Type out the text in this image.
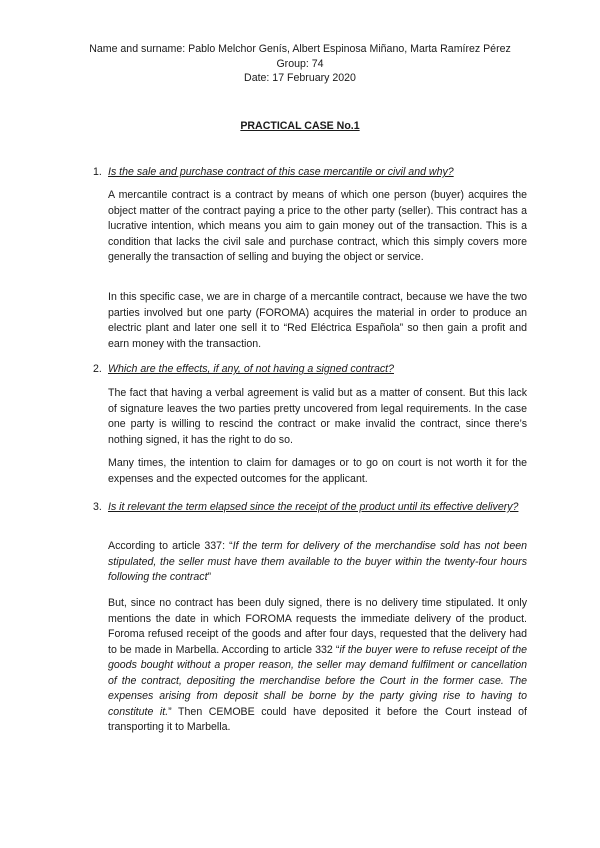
Name and surname: Pablo Melchor Genís, Albert Espinosa Miñano, Marta Ramírez Pérez
Group: 74
Date: 17 February 2020
PRACTICAL CASE No.1
1. Is the sale and purchase contract of this case mercantile or civil and why?

A mercantile contract is a contract by means of which one person (buyer) acquires the object matter of the contract paying a price to the other party (seller). This contract has a lucrative intention, which means you aim to gain money out of the transaction. This is a condition that lacks the civil sale and purchase contract, which this simply covers more generally the transaction of selling and buying the object or service.

In this specific case, we are in charge of a mercantile contract, because we have the two parties involved but one party (FOROMA) acquires the material in order to produce an electric plant and later one sell it to “Red Eléctrica Española” so then gain a profit and earn money with the transaction.

2. Which are the effects, if any, of not having a signed contract?

The fact that having a verbal agreement is valid but as a matter of consent. But this lack of signature leaves the two parties pretty uncovered from legal requirements. In the case one party is willing to rescind the contract or make invalid the contract, since there’s nothing signed, it has the right to do so.

Many times, the intention to claim for damages or to go on court is not worth it for the expenses and the expected outcomes for the applicant.

3. Is it relevant the term elapsed since the receipt of the product until its effective delivery?

According to article 337: “If the term for delivery of the merchandise sold has not been stipulated, the seller must have them available to the buyer within the twenty-four hours following the contract”

But, since no contract has been duly signed, there is no delivery time stipulated. It only mentions the date in which FOROMA requests the immediate delivery of the product. Foroma refused receipt of the goods and after four days, requested that the delivery had to be made in Marbella. According to article 332 “if the buyer were to refuse receipt of the goods bought without a proper reason, the seller may demand fulfilment or cancellation of the contract, depositing the merchandise before the Court in the former case. The expenses arising from deposit shall be borne by the party giving rise to having to constitute it.” Then CEMOBE could have deposited it before the Court instead of transporting it to Marbella.
